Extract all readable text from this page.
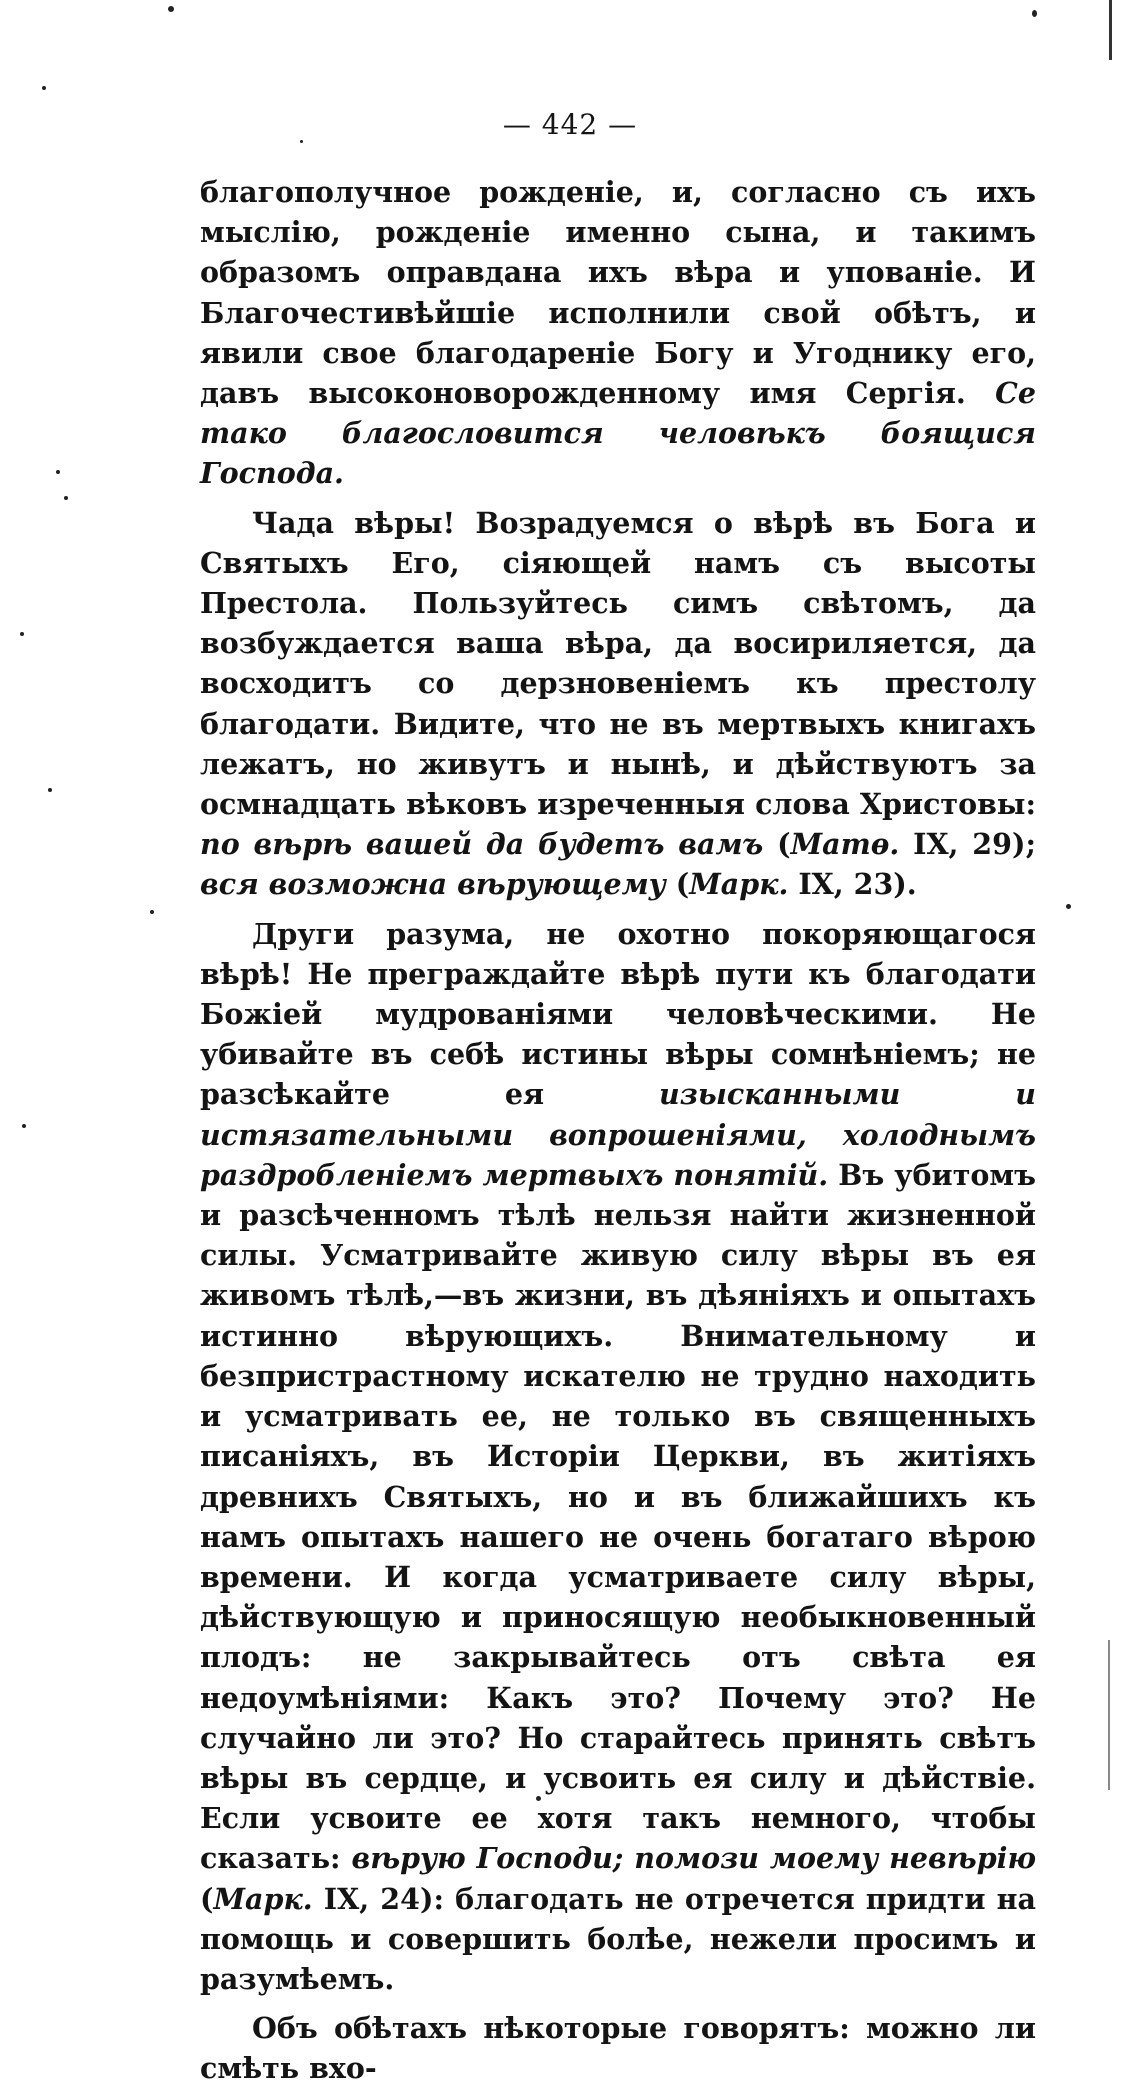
— 442 —

благополучное рожденіе, и, согласно съ ихъ мыслію, рожденіе именно сына, и такимъ образомъ оправдана ихъ вѣра и упованіе. И Благочестивѣйшіе исполнили свой обѣтъ, и явили свое благодареніе Богу и Угоднику его, давъ высоконоворожденному имя Сергія. Се тако благословится человѣкъ боящися Господа.

Чада вѣры! Возрадуемся о вѣрѣ въ Бога и Святыхъ Его, сіяющей намъ съ высоты Престола. Пользуйтесь симъ свѣтомъ, да возбуждается ваша вѣра, да восириляется, да восходитъ со дерзновеніемъ къ престолу благодати. Видите, что не въ мертвыхъ книгахъ лежатъ, но живутъ и нынѣ, и дѣйствуютъ за осмнадцать вѣковъ изреченныя слова Христовы: по вѣрѣ вашей да будетъ вамъ (Матѳ. IX, 29); вся возможна вѣрующему (Марк. IX, 23).

Други разума, не охотно покоряющагося вѣрѣ! Не преграждайте вѣрѣ пути къ благодати Божіей мудрованіями человѣческими. Не убивайте въ себѣ истины вѣры сомнѣніемъ; не разсѣкайте ея изысканными и истязательными вопрошеніями, холоднымъ раздробленіемъ мертвыхъ понятій. Въ убитомъ и разсѣченномъ тѣлѣ нельзя найти жизненной силы. Усматривайте живую силу вѣры въ ея живомъ тѣлѣ,—въ жизни, въ дѣяніяхъ и опытахъ истинно вѣрующихъ. Внимательному и безпристрастному искателю не трудно находить и усматривать ее, не только въ священныхъ писаніяхъ, въ Исторіи Церкви, въ житіяхъ древнихъ Святыхъ, но и въ ближайшихъ къ намъ опытахъ нашего не очень богатаго вѣрою времени. И когда усматриваете силу вѣры, дѣйствующую и приносящую необыкновенный плодъ: не закрывайтесь отъ свѣта ея недоумѣніями: Какъ это? Почему это? Не случайно ли это? Но старайтесь принять свѣтъ вѣры въ сердце, и усвоить ея силу и дѣйствіе. Если усвоите ее хотя такъ немного, чтобы сказать: вѣрую Господи; помози моему невѣрію (Марк. IX, 24): благодать не отречется придти на помощь и совершить болѣе, нежели просимъ и разумѣемъ.

Объ обѣтахъ нѣкоторые говорятъ: можно ли смѣть вхо-
